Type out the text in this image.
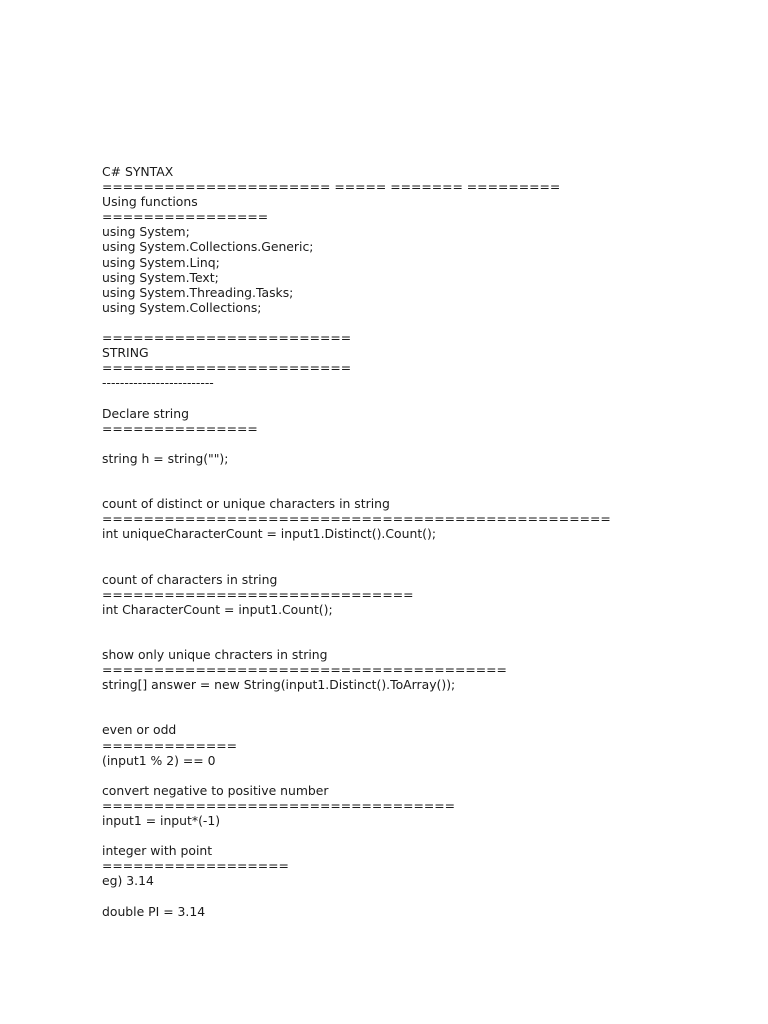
C# SYNTAX
====================== ===== ======= =========
Using functions
================
using System;
using System.Collections.Generic;
using System.Linq;
using System.Text;
using System.Threading.Tasks;
using System.Collections;
========================
STRING
========================
-------------------------
Declare string
===============
string h = string("");
count of distinct or unique characters in string
=================================================
int uniqueCharacterCount = input1.Distinct().Count();
count of characters in string
==============================
int CharacterCount = input1.Count();
show only unique chracters in string
=======================================
string[] answer = new String(input1.Distinct().ToArray());
even or odd
=============
(input1 % 2) == 0
convert negative to positive number
==================================
input1 = input*(-1)
integer with point
==================
eg) 3.14
double PI = 3.14
